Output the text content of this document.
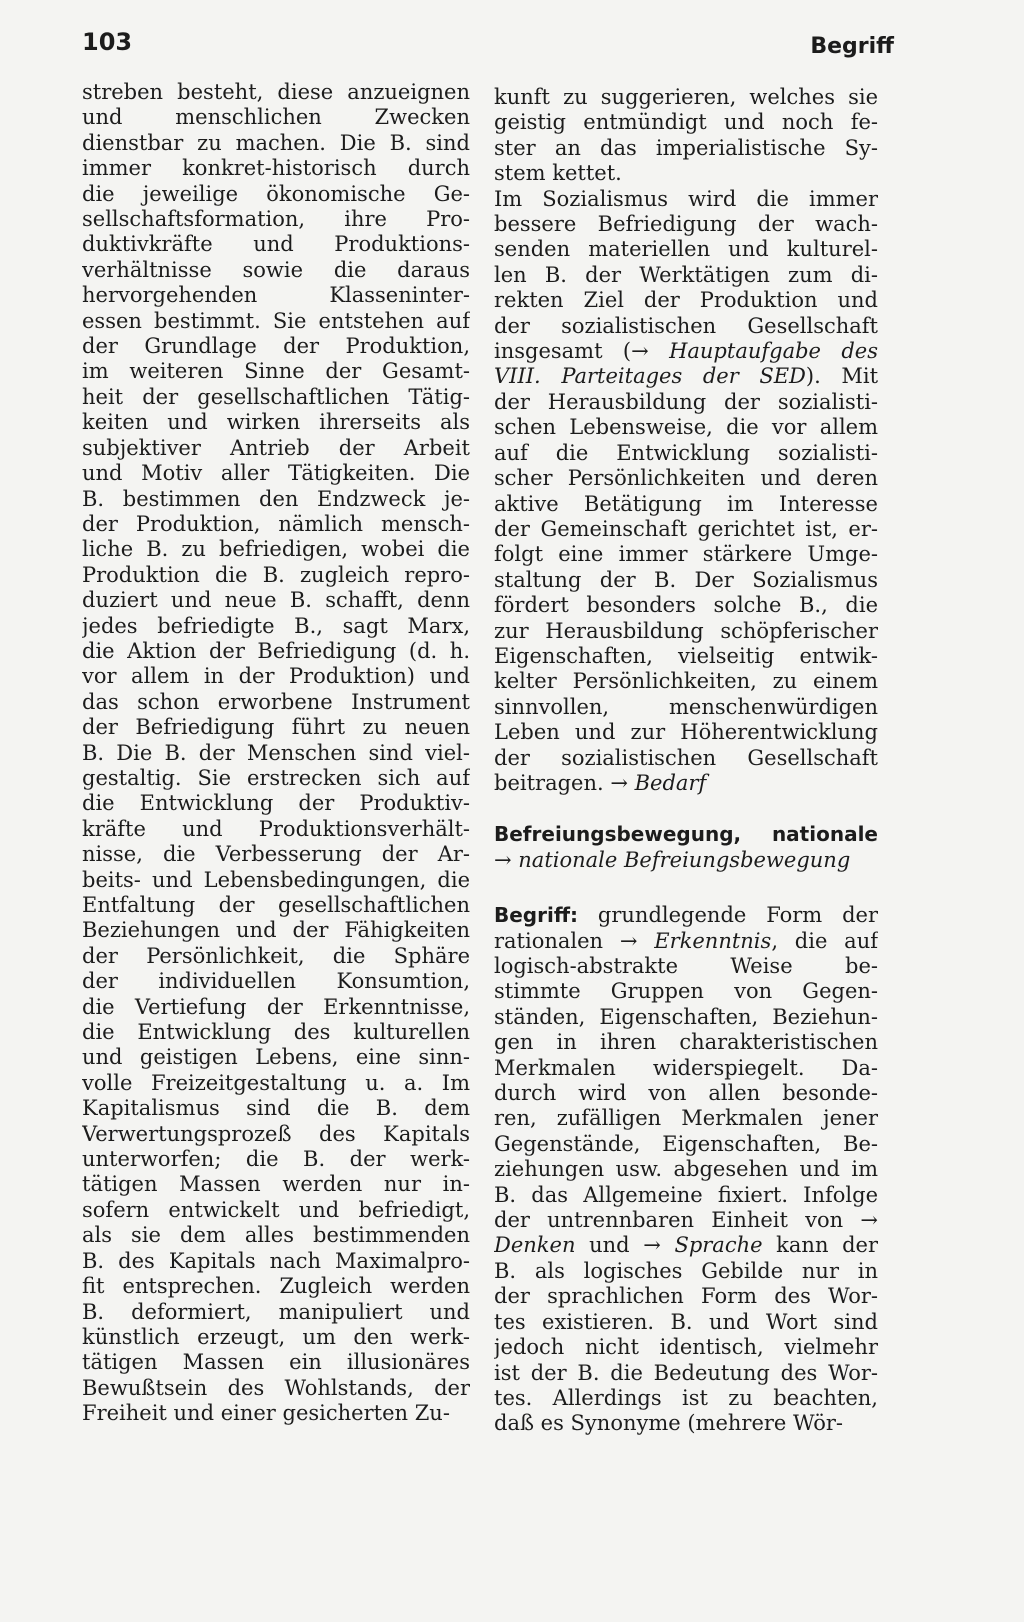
103	Begriff
streben besteht, diese anzueignen
und menschlichen Zwecken
dienstbar zu machen. Die B. sind
immer konkret-historisch durch
die jeweilige ökonomische Ge-
sellschaftsformation, ihre Pro-
duktivkräfte und Produktions-
verhältnisse sowie die daraus
hervorgehenden Klasseninter-
essen bestimmt. Sie entstehen auf
der Grundlage der Produktion,
im weiteren Sinne der Gesamt-
heit der gesellschaftlichen Tätig-
keiten und wirken ihrerseits als
subjektiver Antrieb der Arbeit
und Motiv aller Tätigkeiten. Die
B. bestimmen den Endzweck je-
der Produktion, nämlich mensch-
liche B. zu befriedigen, wobei die
Produktion die B. zugleich repro-
duziert und neue B. schafft, denn
jedes befriedigte B., sagt Marx,
die Aktion der Befriedigung (d. h.
vor allem in der Produktion) und
das schon erworbene Instrument
der Befriedigung führt zu neuen
B. Die B. der Menschen sind viel-
gestaltig. Sie erstrecken sich auf
die Entwicklung der Produktiv-
kräfte und Produktionsverhält-
nisse, die Verbesserung der Ar-
beits- und Lebensbedingungen, die
Entfaltung der gesellschaftlichen
Beziehungen und der Fähigkeiten
der Persönlichkeit, die Sphäre
der individuellen Konsumtion,
die Vertiefung der Erkenntnisse,
die Entwicklung des kulturellen
und geistigen Lebens, eine sinn-
volle Freizeitgestaltung u. a. Im
Kapitalismus sind die B. dem
Verwertungsprozeß des Kapitals
unterworfen; die B. der werk-
tätigen Massen werden nur in-
sofern entwickelt und befriedigt,
als sie dem alles bestimmenden
B. des Kapitals nach Maximalpro-
fit entsprechen. Zugleich werden
B. deformiert, manipuliert und
künstlich erzeugt, um den werk-
tätigen Massen ein illusionäres
Bewußtsein des Wohlstands, der
Freiheit und einer gesicherten Zu-
kunft zu suggerieren, welches sie
geistig entmündigt und noch fe-
ster an das imperialistische Sy-
stem kettet.
Im Sozialismus wird die immer
bessere Befriedigung der wach-
senden materiellen und kulturel-
len B. der Werktätigen zum di-
rekten Ziel der Produktion und
der sozialistischen Gesellschaft
insgesamt (→ Hauptaufgabe des
VIII. Parteitages der SED). Mit
der Herausbildung der sozialisti-
schen Lebensweise, die vor allem
auf die Entwicklung sozialisti-
scher Persönlichkeiten und deren
aktive Betätigung im Interesse
der Gemeinschaft gerichtet ist, er-
folgt eine immer stärkere Umge-
staltung der B. Der Sozialismus
fördert besonders solche B., die
zur Herausbildung schöpferischer
Eigenschaften, vielseitig entwik-
kelter Persönlichkeiten, zu einem
sinnvollen, menschenwürdigen
Leben und zur Höherentwicklung
der sozialistischen Gesellschaft
beitragen. → Bedarf
Befreiungsbewegung, nationale
→ nationale Befreiungsbewegung
Begriff: grundlegende Form der
rationalen → Erkenntnis, die auf
logisch-abstrakte Weise be-
stimmte Gruppen von Gegen-
ständen, Eigenschaften, Beziehun-
gen in ihren charakteristischen
Merkmalen widerspiegelt. Da-
durch wird von allen besonde-
ren, zufälligen Merkmalen jener
Gegenstände, Eigenschaften, Be-
ziehungen usw. abgesehen und im
B. das Allgemeine fixiert. Infolge
der untrennbaren Einheit von →
Denken und → Sprache kann der
B. als logisches Gebilde nur in
der sprachlichen Form des Wor-
tes existieren. B. und Wort sind
jedoch nicht identisch, vielmehr
ist der B. die Bedeutung des Wor-
tes. Allerdings ist zu beachten,
daß es Synonyme (mehrere Wör-
